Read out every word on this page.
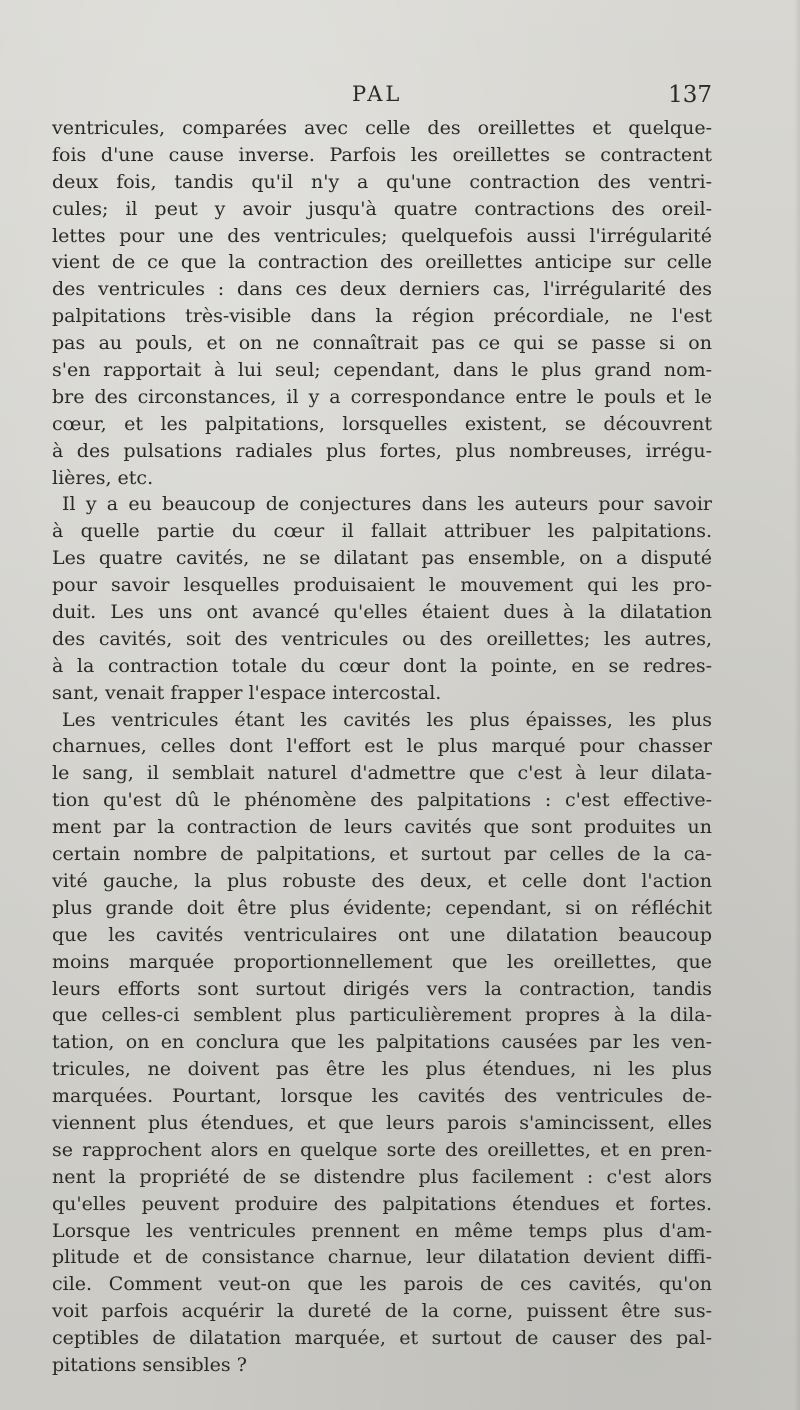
PAL	137
ventricules, comparées avec celle des oreillettes et quelque-
fois d'une cause inverse. Parfois les oreillettes se contractent
deux fois, tandis qu'il n'y a qu'une contraction des ventri-
cules; il peut y avoir jusqu'à quatre contractions des oreil-
lettes pour une des ventricules; quelquefois aussi l'irrégularité
vient de ce que la contraction des oreillettes anticipe sur celle
des ventricules : dans ces deux derniers cas, l'irrégularité des
palpitations très-visible dans la région précordiale, ne l'est
pas au pouls, et on ne connaîtrait pas ce qui se passe si on
s'en rapportait à lui seul; cependant, dans le plus grand nom-
bre des circonstances, il y a correspondance entre le pouls et le
cœur, et les palpitations, lorsquelles existent, se découvrent
à des pulsations radiales plus fortes, plus nombreuses, irrégu-
lières, etc.
Il y a eu beaucoup de conjectures dans les auteurs pour savoir
à quelle partie du cœur il fallait attribuer les palpitations.
Les quatre cavités, ne se dilatant pas ensemble, on a disputé
pour savoir lesquelles produisaient le mouvement qui les pro-
duit. Les uns ont avancé qu'elles étaient dues à la dilatation
des cavités, soit des ventricules ou des oreillettes; les autres,
à la contraction totale du cœur dont la pointe, en se redres-
sant, venait frapper l'espace intercostal.
Les ventricules étant les cavités les plus épaisses, les plus
charnues, celles dont l'effort est le plus marqué pour chasser
le sang, il semblait naturel d'admettre que c'est à leur dilata-
tion qu'est dû le phénomène des palpitations : c'est effective-
ment par la contraction de leurs cavités que sont produites un
certain nombre de palpitations, et surtout par celles de la ca-
vité gauche, la plus robuste des deux, et celle dont l'action
plus grande doit être plus évidente; cependant, si on réfléchit
que les cavités ventriculaires ont une dilatation beaucoup
moins marquée proportionnellement que les oreillettes, que
leurs efforts sont surtout dirigés vers la contraction, tandis
que celles-ci semblent plus particulièrement propres à la dila-
tation, on en conclura que les palpitations causées par les ven-
tricules, ne doivent pas être les plus étendues, ni les plus
marquées. Pourtant, lorsque les cavités des ventricules de-
viennent plus étendues, et que leurs parois s'amincissent, elles
se rapprochent alors en quelque sorte des oreillettes, et en pren-
nent la propriété de se distendre plus facilement : c'est alors
qu'elles peuvent produire des palpitations étendues et fortes.
Lorsque les ventricules prennent en même temps plus d'am-
plitude et de consistance charnue, leur dilatation devient diffi-
cile. Comment veut-on que les parois de ces cavités, qu'on
voit parfois acquérir la dureté de la corne, puissent être sus-
ceptibles de dilatation marquée, et surtout de causer des pal-
pitations sensibles ?
